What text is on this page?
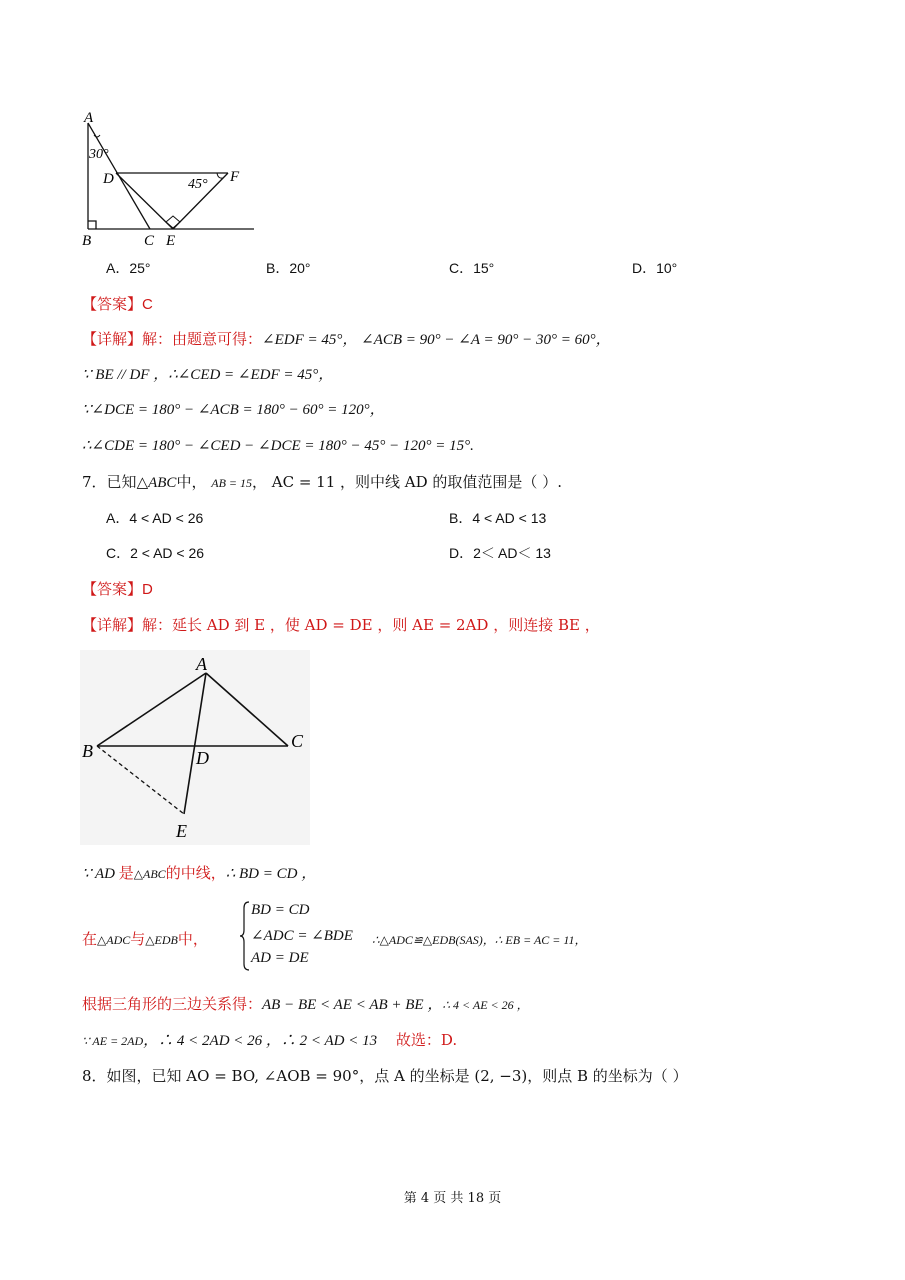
A
30°
D	45° F
B	C E
A．25°	B．20°	C．15°	D．10°
【答案】C
【详解】解：由题意可得：∠EDF = 45°， ∠ACB = 90° − ∠A = 90° − 30° = 60°，
∵ BE // DF ，∴∠CED = ∠EDF = 45°，
∵∠DCE = 180° − ∠ACB = 180° − 60° = 120°，
∴∠CDE = 180° − ∠CED − ∠DCE = 180° − 45° − 120° = 15°.
7．已知△ABC中， AB = 15， AC = 11 ，则中线 AD 的取值范围是（ ）.
A．4 < AD < 26	B．4 < AD < 13
C．2 < AD < 26	D．2＜ AD＜ 13
【答案】D
【详解】解：延长 AD 到 E ，使 AD = DE ，则 AE = 2AD ，则连接 BE ，
A
B	C
D
E
∵ AD 是△ABC的中线，∴ BD = CD ，
在△ADC与△EDB中，
BD = CD
∠ADC = ∠BDE
AD = DE
∴△ADC≌△EDB(SAS)，∴ EB = AC = 11，
根据三角形的三边关系得：AB − BE < AE < AB + BE ，∴ 4 < AE < 26 ，
∵ AE = 2AD，∴ 4 < 2AD < 26 ，∴ 2 < AD < 13 故选：D.
8．如图，已知 AO = BO, ∠AOB = 90°，点 A 的坐标是 (2, −3)，则点 B 的坐标为（ ）
第 4 页 共 18 页
